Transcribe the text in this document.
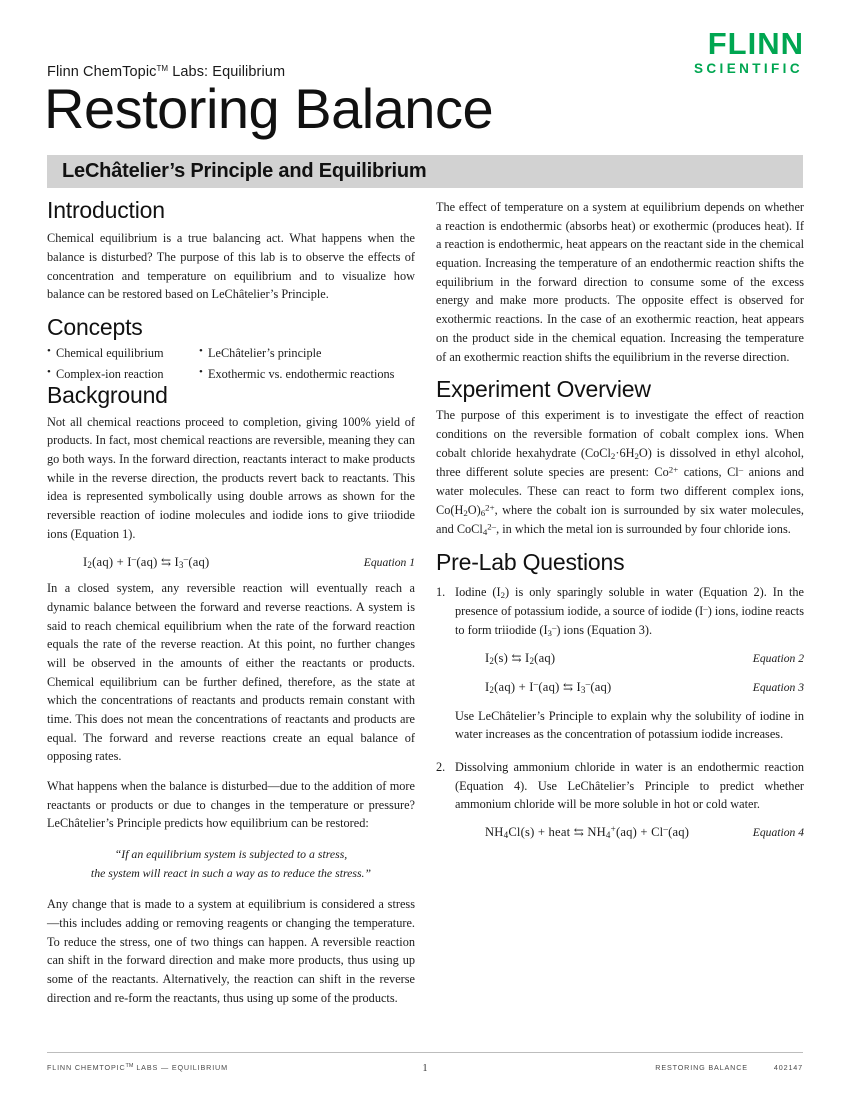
FLINN
SCIENTIFIC
Flinn ChemTopic™ Labs: Equilibrium
Restoring Balance
LeChâtelier’s Principle and Equilibrium
Introduction

Chemical equilibrium is a true balancing act. What happens when the balance is disturbed? The purpose of this lab is to observe the effects of concentration and temperature on equilibrium and to visualize how balance can be restored based on LeChâtelier’s Principle.

Concepts
• Chemical equilibrium	• LeChâtelier’s principle
• Complex-ion reaction	• Exothermic vs. endothermic reactions
Background

Not all chemical reactions proceed to completion, giving 100% yield of products. In fact, most chemical reactions are reversible, meaning they can go both ways. In the forward direction, reactants interact to make products while in the reverse direction, the products revert back to reactants. This idea is represented symbolically using double arrows as shown for the reversible reaction of iodine molecules and iodide ions to give triiodide ions (Equation 1).

$I_2(aq) + I^-(aq)$ ⇆ $I_3^-(aq)$	Equation 1

In a closed system, any reversible reaction will eventually reach a dynamic balance between the forward and reverse reactions. A system is said to reach chemical equilibrium when the rate of the forward reaction equals the rate of the reverse reaction. At this point, no further changes will be observed in the amounts of either the reactants or products. Chemical equilibrium can be further defined, therefore, as the state at which the concentrations of reactants and products remain constant with time. This does not mean the concentrations of reactants and products are equal. The forward and reverse reactions create an equal balance of opposing rates.

What happens when the balance is disturbed—due to the addition of more reactants or products or due to changes in the temperature or pressure? LeChâtelier’s Principle predicts how equilibrium can be restored:

“If an equilibrium system is subjected to a stress,
the system will react in such a way as to reduce the stress.”

Any change that is made to a system at equilibrium is considered a stress—this includes adding or removing reagents or changing the temperature. To reduce the stress, one of two things can happen. A reversible reaction can shift in the forward direction and make more products, thus using up some of the reactants. Alternatively, the reaction can shift in the reverse direction and re-form the reactants, thus using up some of the products.

The effect of temperature on a system at equilibrium depends on whether a reaction is endothermic (absorbs heat) or exothermic (produces heat). If a reaction is endothermic, heat appears on the reactant side in the chemical equation. Increasing the temperature of an endothermic reaction shifts the equilibrium in the forward direction to consume some of the excess energy and make more products. The opposite effect is observed for exothermic reactions. In the case of an exothermic reaction, heat appears on the product side in the chemical equation. Increasing the temperature of an exothermic reaction shifts the equilibrium in the reverse direction.

Experiment Overview

The purpose of this experiment is to investigate the effect of reaction conditions on the reversible formation of cobalt complex ions. When cobalt chloride hexahydrate $(CoCl_2\cdot 6H_2O)$ is dissolved in ethyl alcohol, three different solute species are present: $Co^{2+}$ cations, Cl– anions and water molecules. These can react to form two different complex ions, $Co(H_2O)_6^{2+}$, where the cobalt ion is surrounded by six water molecules, and CoCl$_4^{2-}$, in which the metal ion is surrounded by four chloride ions.

Pre-Lab Questions
1. Iodine $(I_2)$ is only sparingly soluble in water (Equation 2). In the presence of potassium iodide, a source of iodide (I–) ions, iodine reacts to form triiodide $(I_3^-)$ ions (Equation 3).

$I_2(s)$ ⇆ $I_2(aq)$	Equation 2
$I_2(aq) + I^-(aq)$ ⇆ $I_3^-(aq)$	Equation 3

Use LeChâtelier’s Principle to explain why the solubility of iodine in water increases as the concentration of potassium iodide increases.

2. Dissolving ammonium chloride in water is an endothermic reaction (Equation 4). Use LeChâtelier’s Principle to predict whether ammonium chloride will be more soluble in hot or cold water.

$NH_4Cl(s)$ + heat ⇆ $NH_4^+(aq) + Cl^-(aq)$	Equation 4
FLINN CHEMTOPIC™ LABS — EQUILIBRIUM	1	RESTORING BALANCE	402147
